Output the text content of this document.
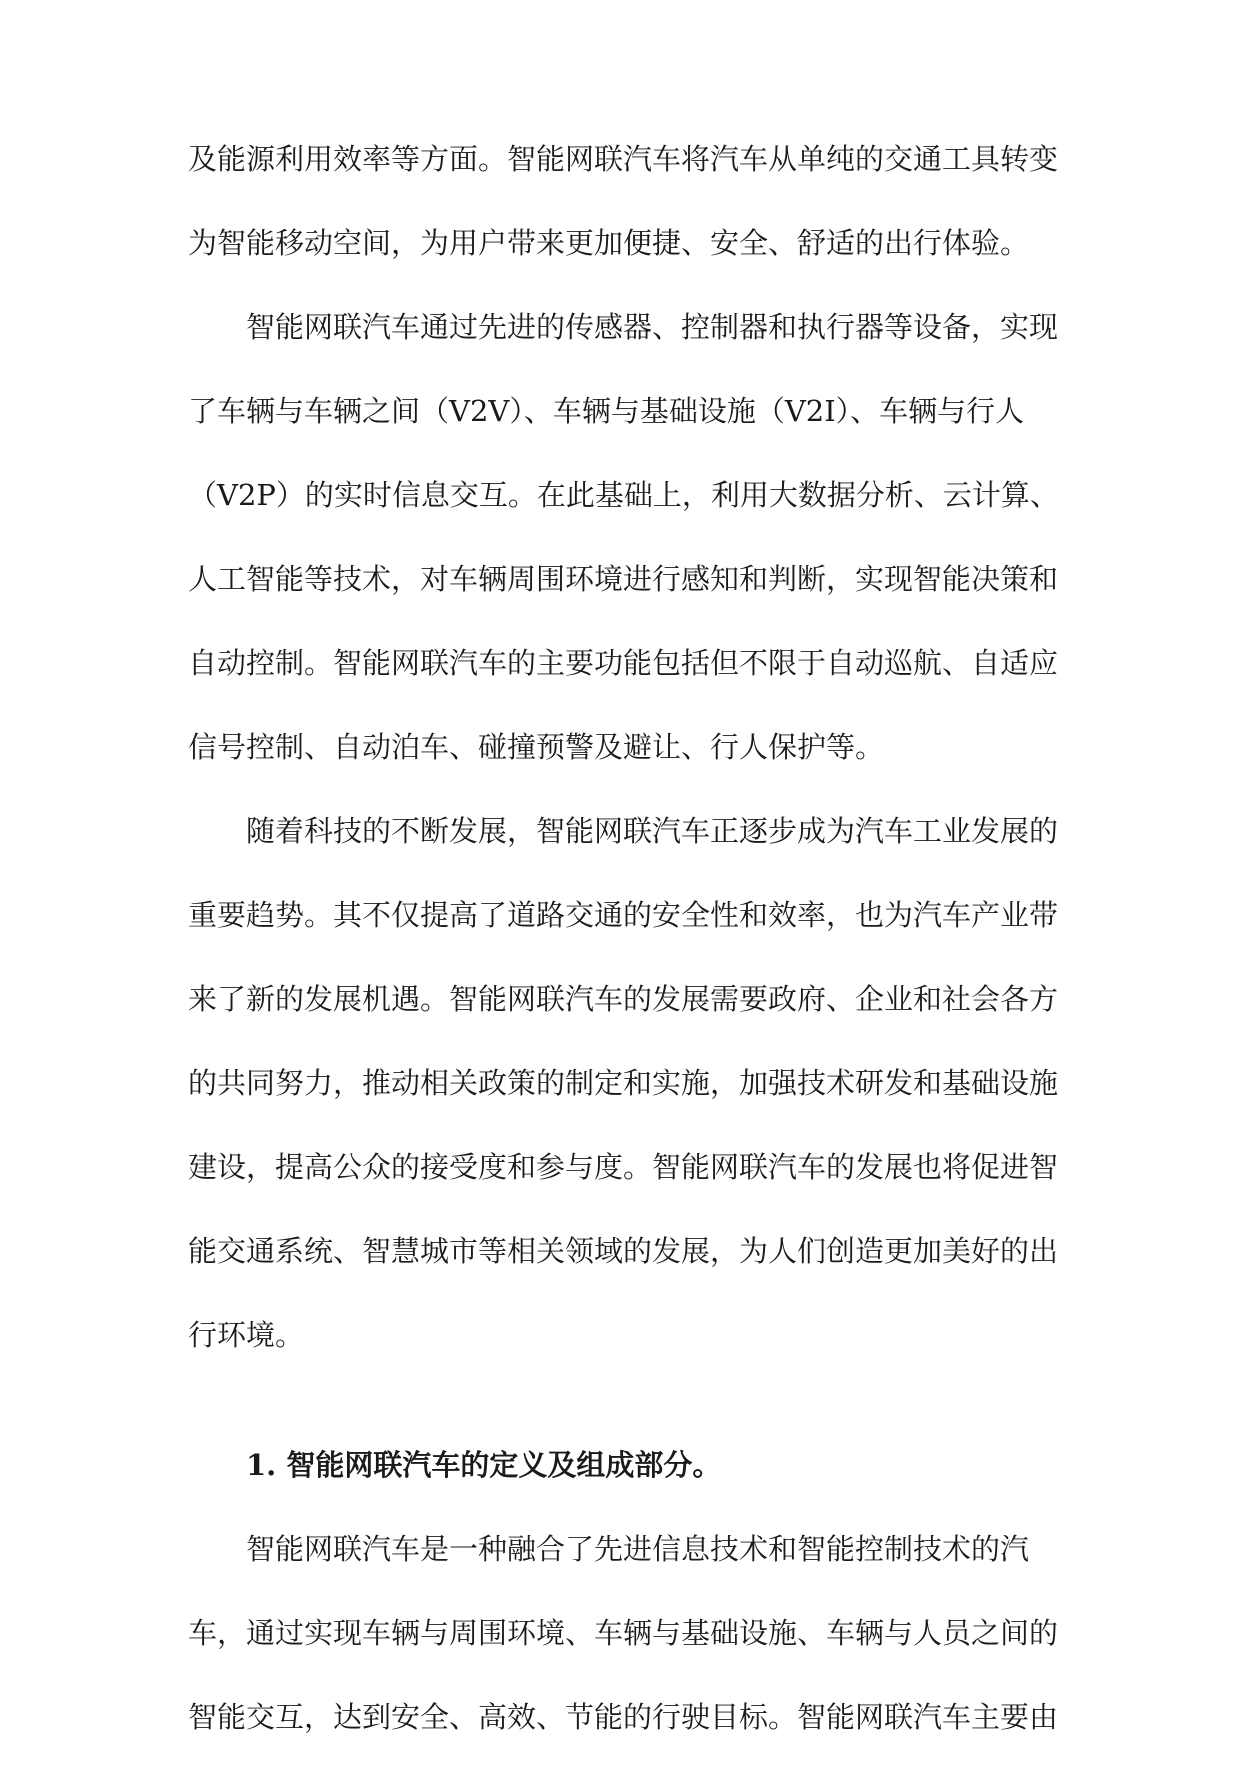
及能源利用效率等方面。智能网联汽车将汽车从单纯的交通工具转变
为智能移动空间，为用户带来更加便捷、安全、舒适的出行体验。
智能网联汽车通过先进的传感器、控制器和执行器等设备，实现
了车辆与车辆之间（V2V）、车辆与基础设施（V2I）、车辆与行人
（V2P）的实时信息交互。在此基础上，利用大数据分析、云计算、
人工智能等技术，对车辆周围环境进行感知和判断，实现智能决策和
自动控制。智能网联汽车的主要功能包括但不限于自动巡航、自适应
信号控制、自动泊车、碰撞预警及避让、行人保护等。
随着科技的不断发展，智能网联汽车正逐步成为汽车工业发展的
重要趋势。其不仅提高了道路交通的安全性和效率，也为汽车产业带
来了新的发展机遇。智能网联汽车的发展需要政府、企业和社会各方
的共同努力，推动相关政策的制定和实施，加强技术研发和基础设施
建设，提高公众的接受度和参与度。智能网联汽车的发展也将促进智
能交通系统、智慧城市等相关领域的发展，为人们创造更加美好的出
行环境。
1. 智能网联汽车的定义及组成部分。
智能网联汽车是一种融合了先进信息技术和智能控制技术的汽
车，通过实现车辆与周围环境、车辆与基础设施、车辆与人员之间的
智能交互，达到安全、高效、节能的行驶目标。智能网联汽车主要由
